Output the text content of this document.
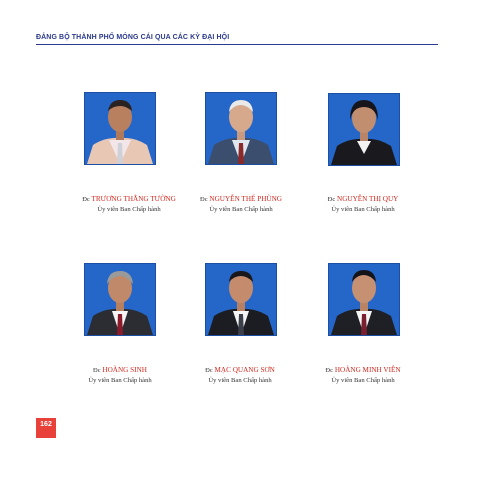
ĐẢNG BỘ THÀNH PHỐ MÓNG CÁI QUA CÁC KỲ ĐẠI HỘI
Đc TRƯƠNG THẮNG TƯỜNG
Ủy viên Ban Chấp hành
Đc NGUYỄN THẾ PHÙNG
Ủy viên Ban Chấp hành
Đc NGUYỄN THỊ QUY
Ủy viên Ban Chấp hành
Đc HOÀNG SINH
Ủy viên Ban Chấp hành
Đc MẠC QUANG SƠN
Ủy viên Ban Chấp hành
Đc HOÀNG MINH VIÊN
Ủy viên Ban Chấp hành
162
